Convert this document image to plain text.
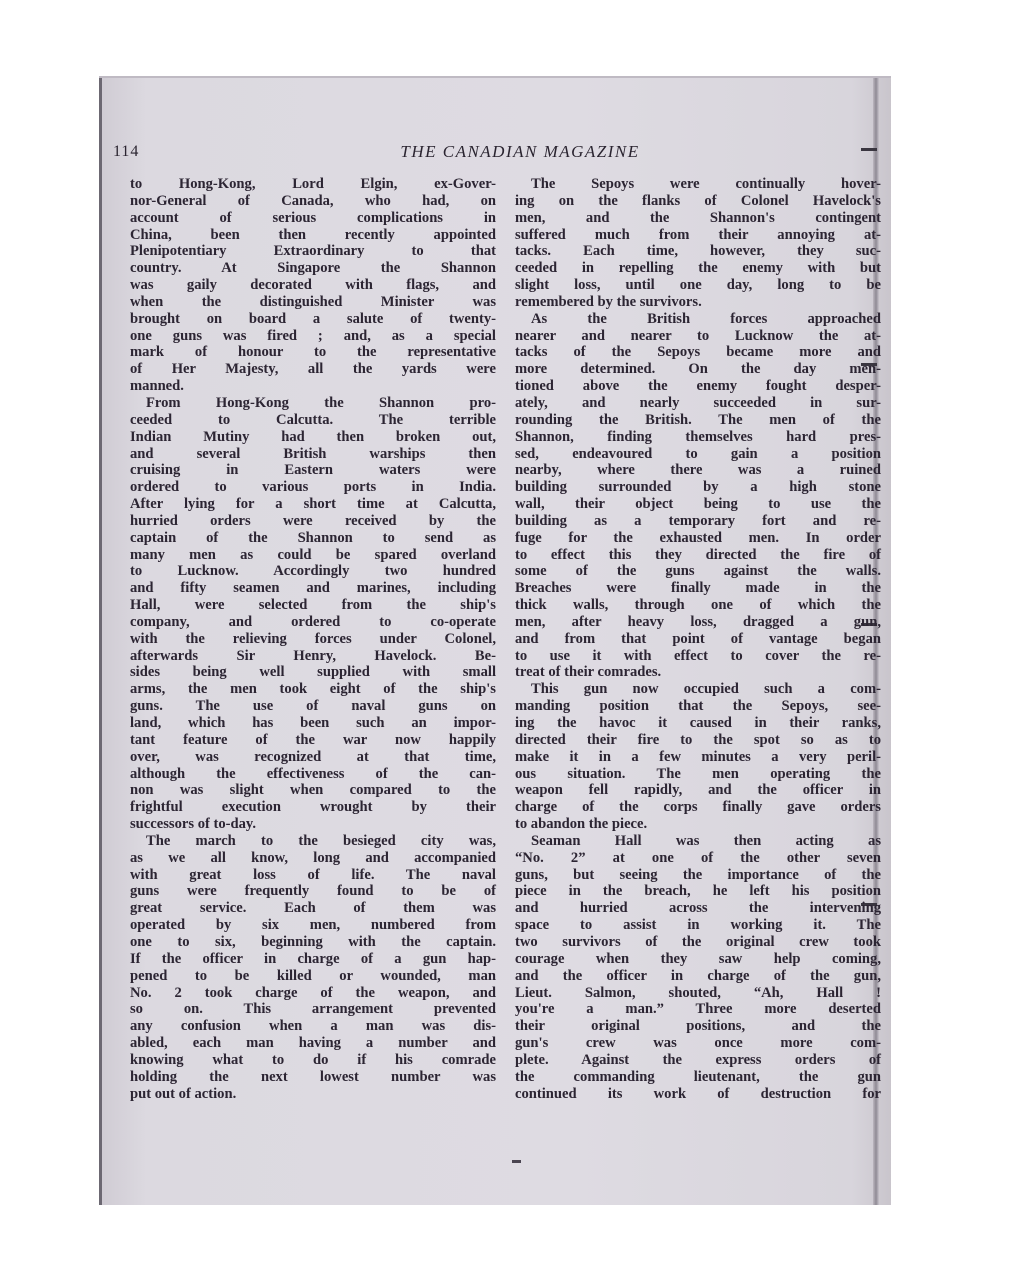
114	THE CANADIAN MAGAZINE
to Hong-Kong, Lord Elgin, ex-Gover-
nor-General of Canada, who had, on
account of serious complications in
China, been then recently appointed
Plenipotentiary Extraordinary to that
country. At Singapore the Shannon
was gaily decorated with flags, and
when the distinguished Minister was
brought on board a salute of twenty-
one guns was fired ; and, as a special
mark of honour to the representative
of Her Majesty, all the yards were
manned.
From Hong-Kong the Shannon pro-
ceeded to Calcutta. The terrible
Indian Mutiny had then broken out,
and several British warships then
cruising in Eastern waters were
ordered to various ports in India.
After lying for a short time at Calcutta,
hurried orders were received by the
captain of the Shannon to send as
many men as could be spared overland
to Lucknow. Accordingly two hundred
and fifty seamen and marines, including
Hall, were selected from the ship's
company, and ordered to co-operate
with the relieving forces under Colonel,
afterwards Sir Henry, Havelock. Be-
sides being well supplied with small
arms, the men took eight of the ship's
guns. The use of naval guns on
land, which has been such an impor-
tant feature of the war now happily
over, was recognized at that time,
although the effectiveness of the can-
non was slight when compared to the
frightful execution wrought by their
successors of to-day.
The march to the besieged city was,
as we all know, long and accompanied
with great loss of life. The naval
guns were frequently found to be of
great service. Each of them was
operated by six men, numbered from
one to six, beginning with the captain.
If the officer in charge of a gun hap-
pened to be killed or wounded, man
No. 2 took charge of the weapon, and
so on. This arrangement prevented
any confusion when a man was dis-
abled, each man having a number and
knowing what to do if his comrade
holding the next lowest number was
put out of action.
The Sepoys were continually hover-
ing on the flanks of Colonel Havelock's
men, and the Shannon's contingent
suffered much from their annoying at-
tacks. Each time, however, they suc-
ceeded in repelling the enemy with but
slight loss, until one day, long to be
remembered by the survivors.
As the British forces approached
nearer and nearer to Lucknow the at-
tacks of the Sepoys became more and
more determined. On the day men-
tioned above the enemy fought desper-
ately, and nearly succeeded in sur-
rounding the British. The men of the
Shannon, finding themselves hard pres-
sed, endeavoured to gain a position
nearby, where there was a ruined
building surrounded by a high stone
wall, their object being to use the
building as a temporary fort and re-
fuge for the exhausted men. In order
to effect this they directed the fire of
some of the guns against the walls.
Breaches were finally made in the
thick walls, through one of which the
men, after heavy loss, dragged a gun,
and from that point of vantage began
to use it with effect to cover the re-
treat of their comrades.
This gun now occupied such a com-
manding position that the Sepoys, see-
ing the havoc it caused in their ranks,
directed their fire to the spot so as to
make it in a few minutes a very peril-
ous situation. The men operating the
weapon fell rapidly, and the officer in
charge of the corps finally gave orders
to abandon the piece.
Seaman Hall was then acting as
“No. 2” at one of the other seven
guns, but seeing the importance of the
piece in the breach, he left his position
and hurried across the intervening
space to assist in working it. The
two survivors of the original crew took
courage when they saw help coming,
and the officer in charge of the gun,
Lieut. Salmon, shouted, “Ah, Hall !
you're a man.” Three more deserted
their original positions, and the
gun's crew was once more com-
plete. Against the express orders of
the commanding lieutenant, the gun
continued its work of destruction for
